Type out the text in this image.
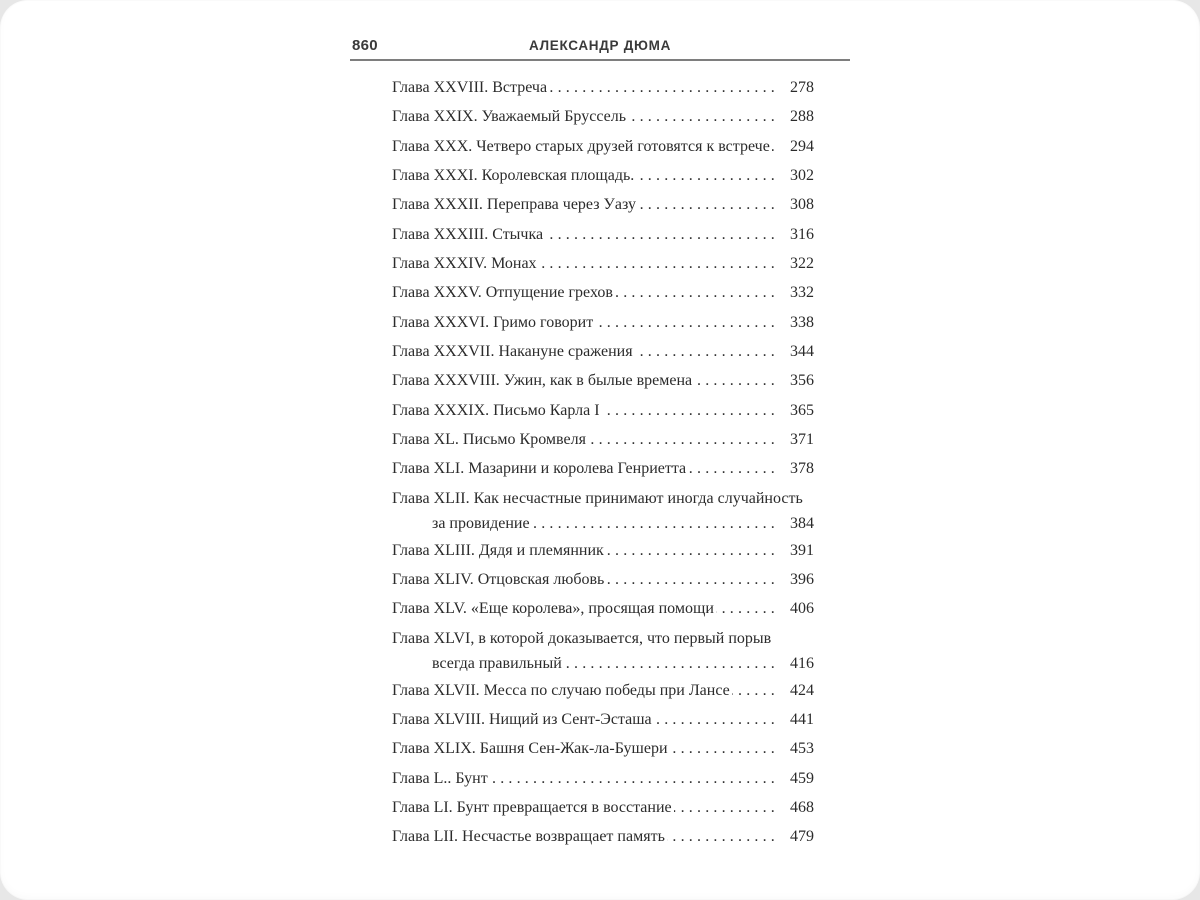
860	АЛЕКСАНДР ДЮМА
Глава XXVIII. Встреча .....	278
Глава XXIX. Уважаемый Бруссель .....	288
Глава XXX. Четверо старых друзей готовятся к встрече .....	294
Глава XXXI. Королевская площадь. .....	302
Глава XXXII. Переправа через Уазу .....	308
Глава XXXIII. Стычка .....	316
Глава XXXIV. Монах .....	322
Глава XXXV. Отпущение грехов .....	332
Глава XXXVI. Гримо говорит .....	338
Глава XXXVII. Накануне сражения .....	344
Глава XXXVIII. Ужин, как в былые времена .....	356
Глава XXXIX. Письмо Карла I .....	365
Глава XL. Письмо Кромвеля .....	371
Глава XLI. Мазарини и королева Генриетта .....	378
Глава XLII. Как несчастные принимают иногда случайность
за провидение .....	384
Глава XLIII. Дядя и племянник .....	391
Глава XLIV. Отцовская любовь .....	396
Глава XLV. «Еще королева», просящая помощи .....	406
Глава XLVI, в которой доказывается, что первый порыв
всегда правильный .....	416
Глава XLVII. Месса по случаю победы при Лансе .....	424
Глава XLVIII. Нищий из Сент-Эсташа .....	441
Глава XLIX. Башня Сен-Жак-ла-Бушери .....	453
Глава L.. Бунт .....	459
Глава LI. Бунт превращается в восстание .....	468
Глава LII. Несчастье возвращает память .....	479
